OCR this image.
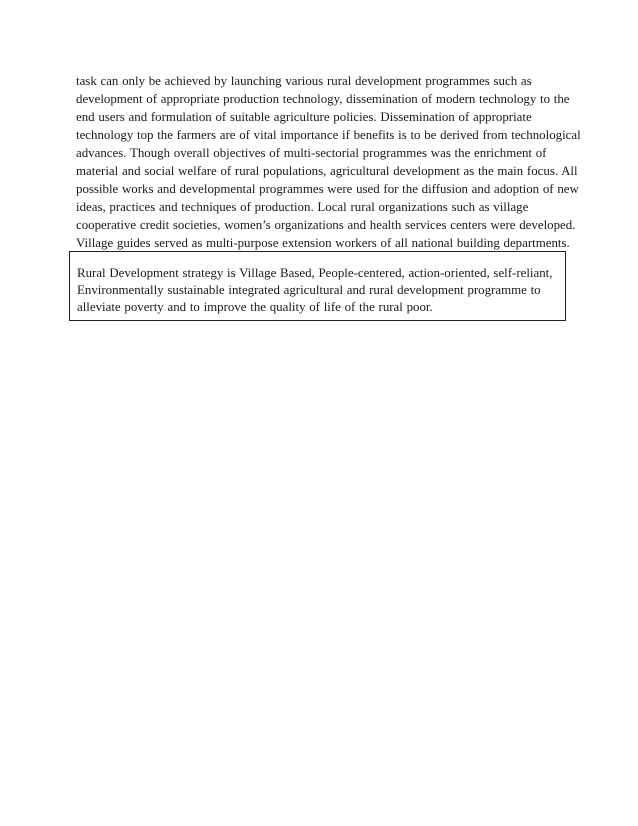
task can only be achieved by launching various rural development programmes such as
development of appropriate production technology, dissemination of modern technology to the
end users and formulation of suitable agriculture policies. Dissemination of appropriate
technology top the farmers are of vital importance if benefits is to be derived from technological
advances. Though overall objectives of multi-sectorial programmes was the enrichment of
material and social welfare of rural populations, agricultural development as the main focus. All
possible works and developmental programmes were used for the diffusion and adoption of new
ideas, practices and techniques of production. Local rural organizations such as village
cooperative credit societies, women’s organizations and health services centers were developed.
Village guides served as multi-purpose extension workers of all national building departments.

Rural Development strategy is Village Based, People-centered, action-oriented, self-reliant,
Environmentally sustainable integrated agricultural and rural development programme to
alleviate poverty and to improve the quality of life of the rural poor.
